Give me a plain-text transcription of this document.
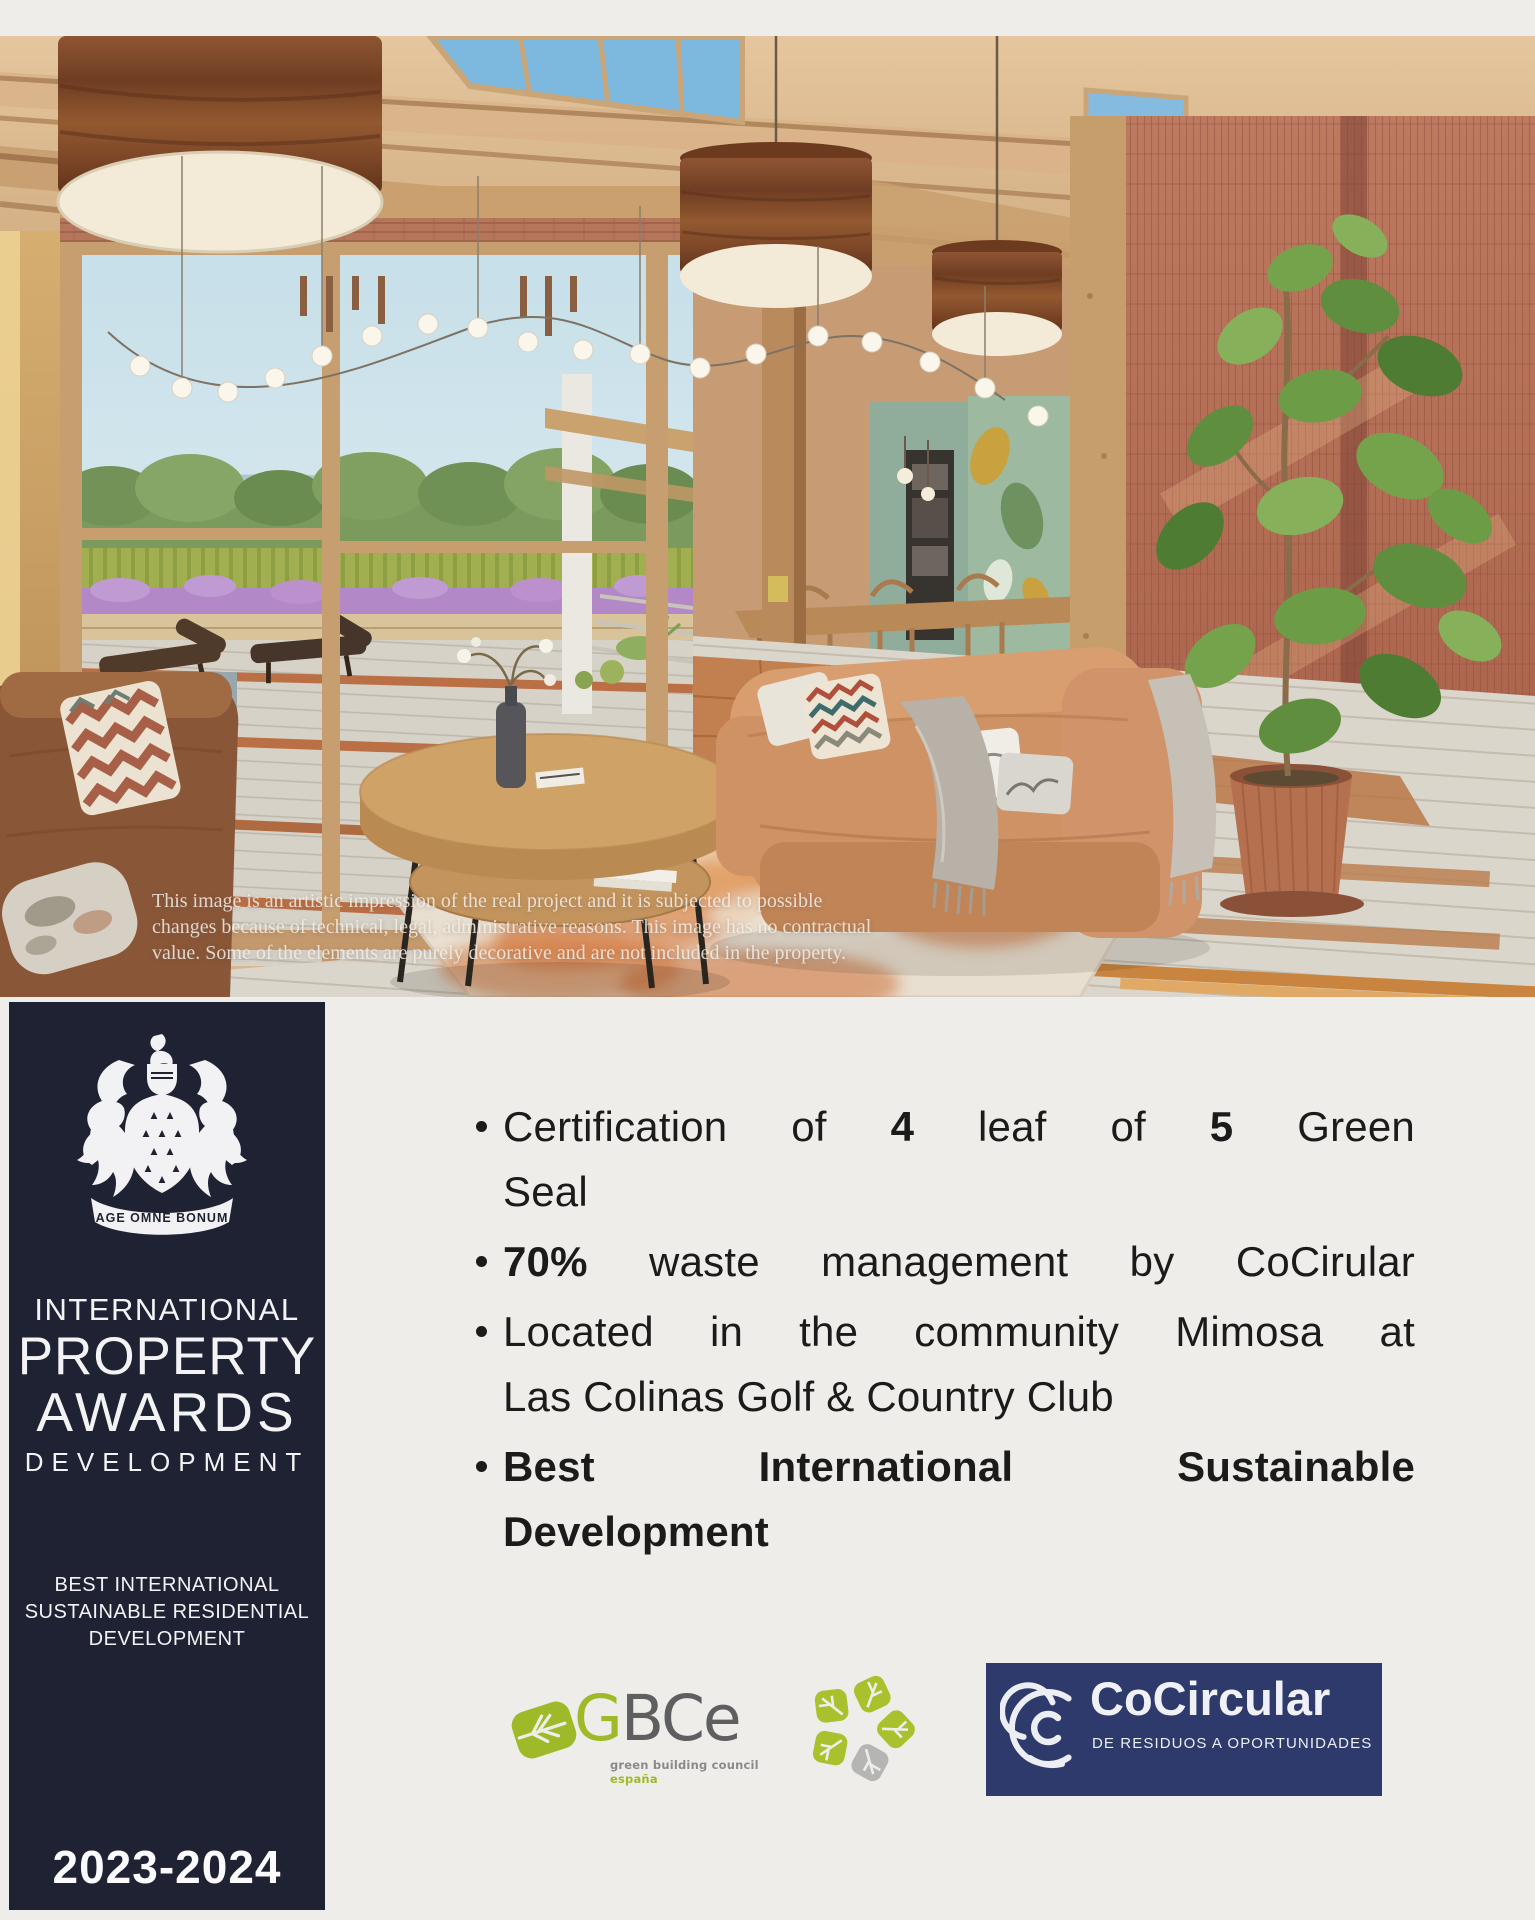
This image is an artistic impression of the real project and it is subjected to possible
changes because of technical, legal, administrative reasons. This image has no contractual
value. Some of the elements are purely decorative and are not included in the property.
AGE OMNE BONUM
INTERNATIONAL
PROPERTY
AWARDS
DEVELOPMENT
BEST INTERNATIONAL
SUSTAINABLE RESIDENTIAL
DEVELOPMENT
2023-2024
Certification of 4 leaf of 5 Green
Seal
70% waste management by CoCirular
Located in the community Mimosa at
Las Colinas Golf & Country Club
Best	International	Sustainable
Development
GBCe
green building council españa
CoCircular
DE RESIDUOS A OPORTUNIDADES
